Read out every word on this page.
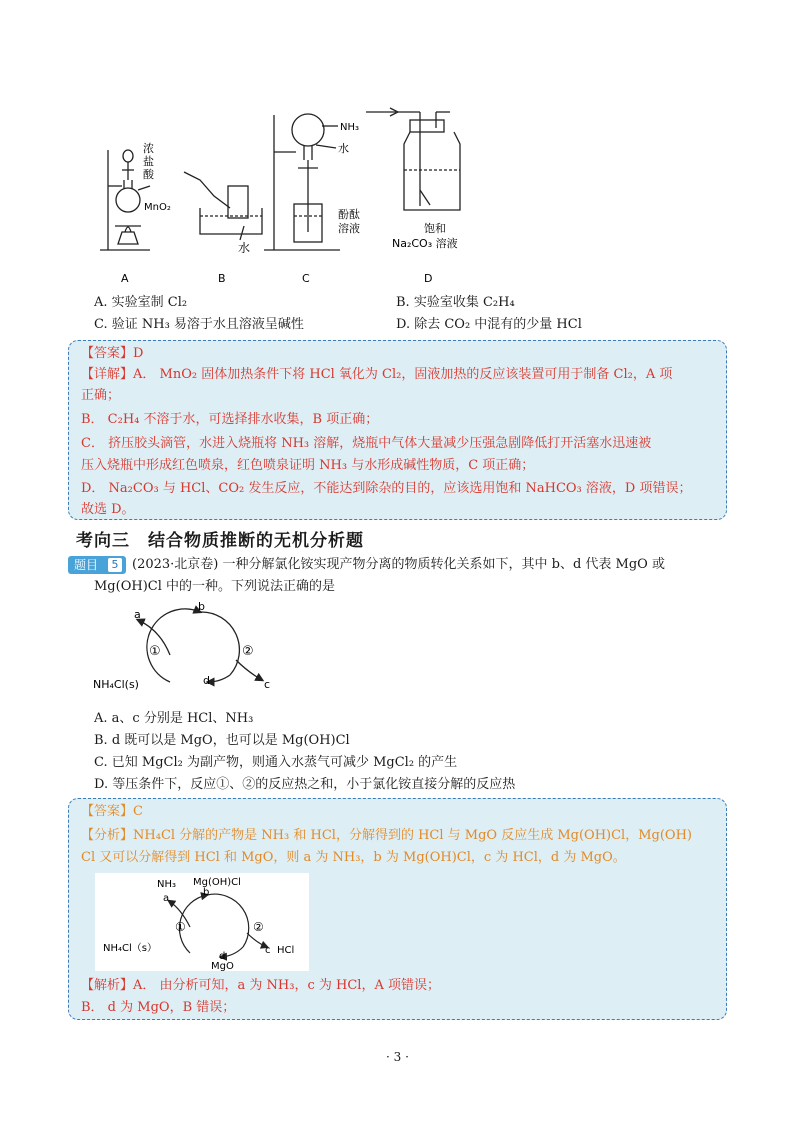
浓
盐
酸
MnO₂
水
NH₃
水
酚酞
溶液	饱和
Na₂CO₃ 溶液
A	B	C	D
A. 实验室制 Cl₂	B. 实验室收集 C₂H₄
C. 验证 NH₃ 易溶于水且溶液呈碱性	D. 除去 CO₂ 中混有的少量 HCl
【答案】D
【详解】A． MnO₂ 固体加热条件下将 HCl 氧化为 Cl₂，固液加热的反应该装置可用于制备 Cl₂，A 项
正确；
B． C₂H₄ 不溶于水，可选择排水收集，B 项正确；
C． 挤压胶头滴管，水进入烧瓶将 NH₃ 溶解，烧瓶中气体大量减少压强急剧降低打开活塞水迅速被
压入烧瓶中形成红色喷泉，红色喷泉证明 NH₃ 与水形成碱性物质，C 项正确；
D． Na₂CO₃ 与 HCl、CO₂ 发生反应，不能达到除杂的目的，应该选用饱和 NaHCO₃ 溶液，D 项错误；
故选 D。
考向三　结合物质推断的无机分析题
题目	5 (2023·北京卷) 一种分解氯化铵实现产物分离的物质转化关系如下，其中 b、d 代表 MgO 或
Mg(OH)Cl 中的一种。下列说法正确的是
a
b
c
d
①	②
NH₄Cl(s)
A. a、c 分别是 HCl、NH₃
B. d 既可以是 MgO，也可以是 Mg(OH)Cl
C. 已知 MgCl₂ 为副产物，则通入水蒸气可减少 MgCl₂ 的产生
D. 等压条件下，反应①、②的反应热之和，小于氯化铵直接分解的反应热
【答案】C
【分析】NH₄Cl 分解的产物是 NH₃ 和 HCl，分解得到的 HCl 与 MgO 反应生成 Mg(OH)Cl，Mg(OH)
Cl 又可以分解得到 HCl 和 MgO，则 a 为 NH₃，b 为 Mg(OH)Cl，c 为 HCl，d 为 MgO。
NH₃ Mg(OH)Cl
a
b
①	②
NH₄Cl（s）
d
MgO
c HCl
【解析】A． 由分析可知，a 为 NH₃，c 为 HCl，A 项错误；
B． d 为 MgO，B 错误；
· 3 ·
